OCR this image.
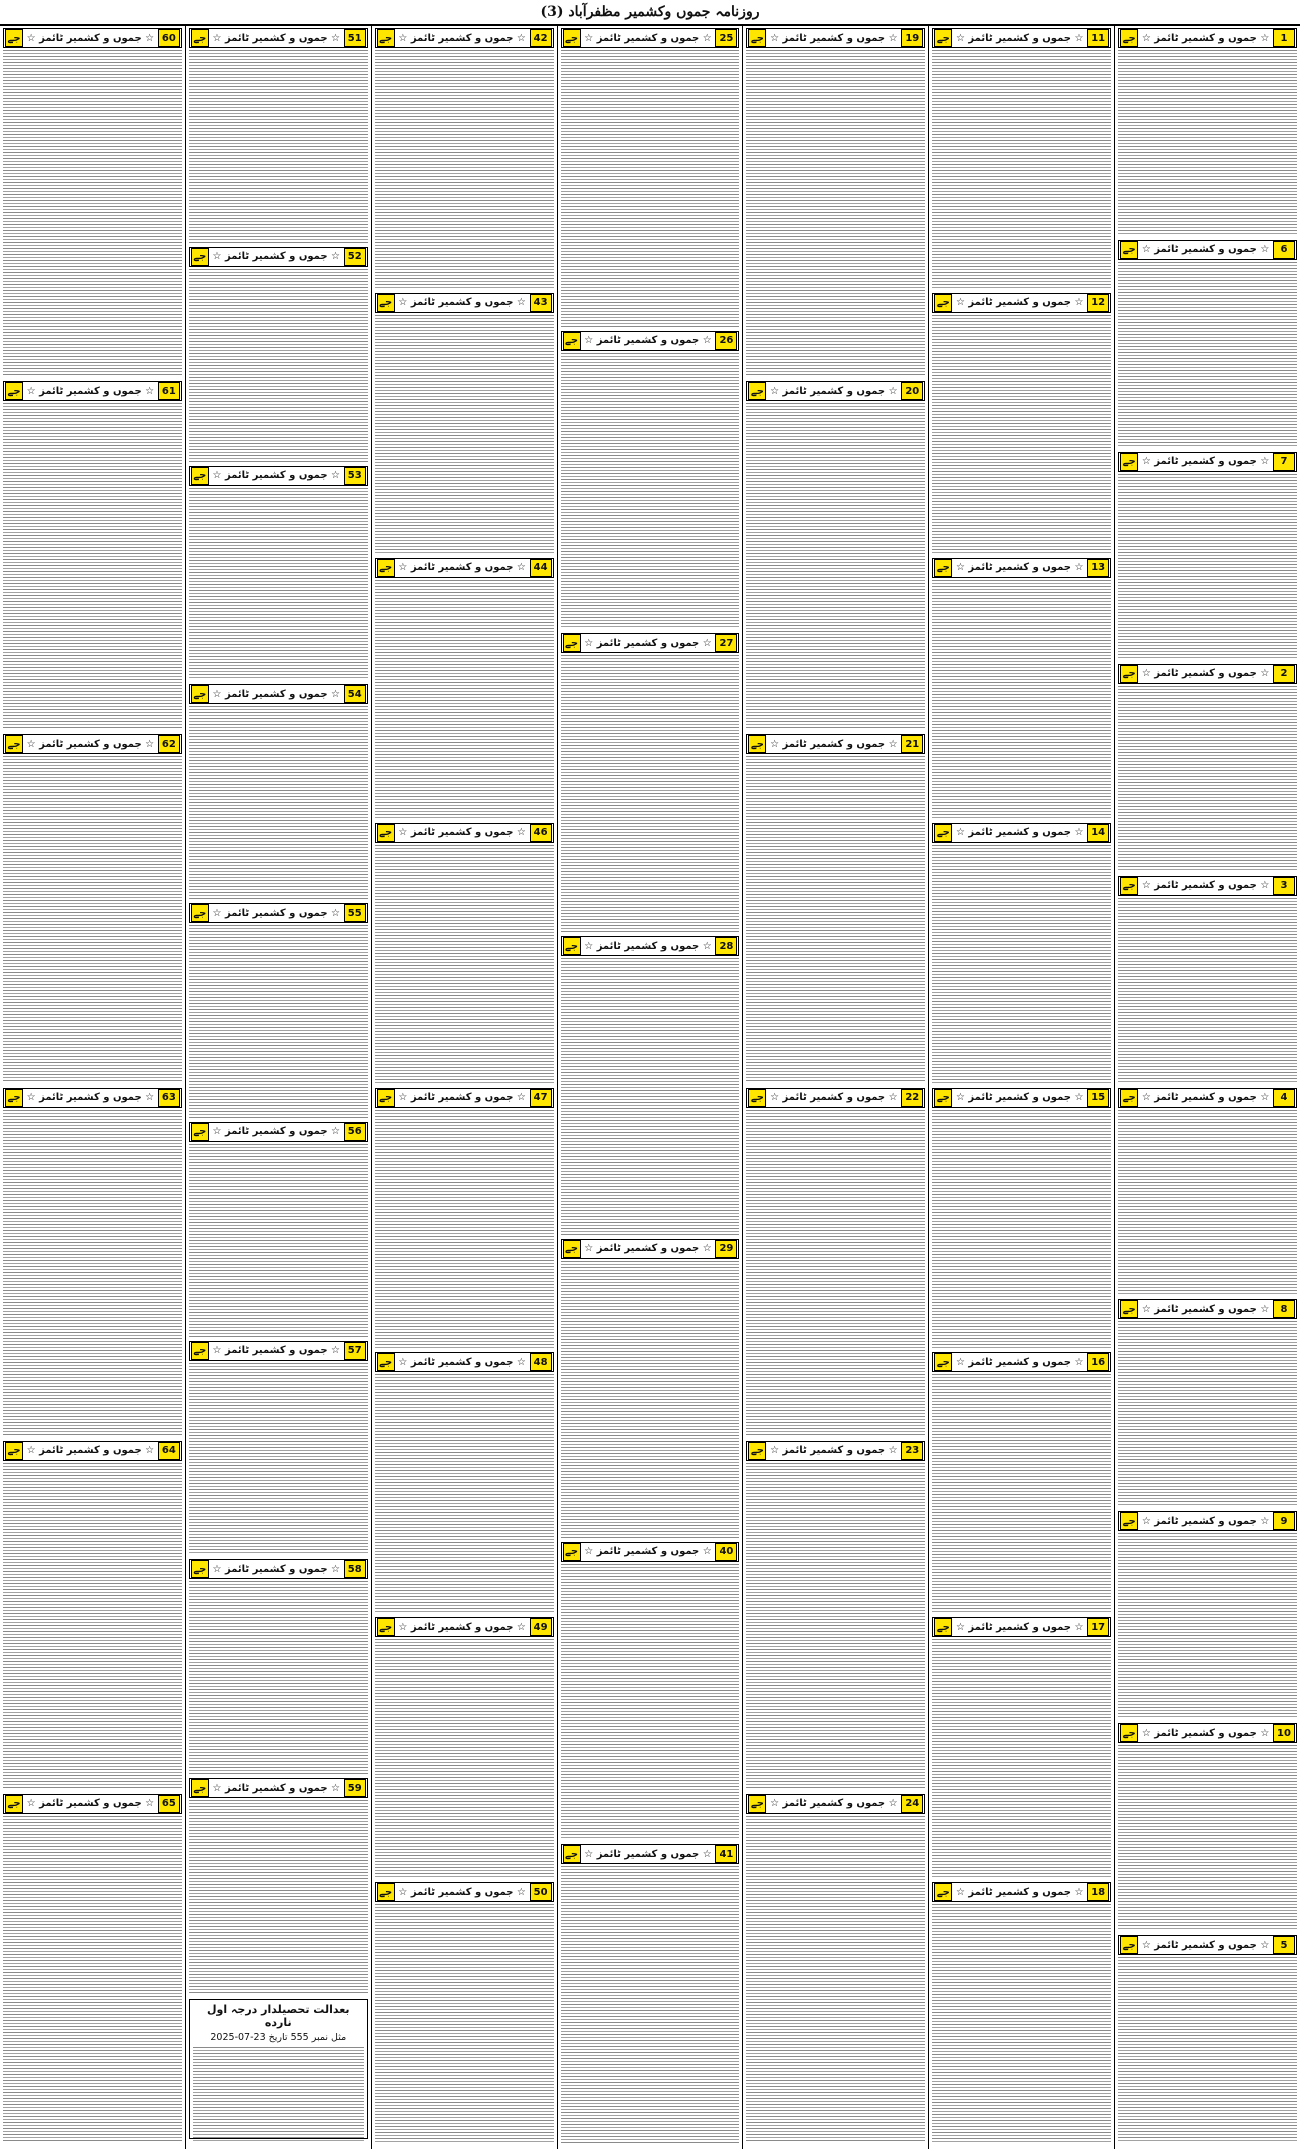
روزنامہ جموں وکشمیر مظفرآباد (3)
1
☆ جموں و کشمیر ٹائمز ☆
جے
6
☆ جموں و کشمیر ٹائمز ☆
جے
7
☆ جموں و کشمیر ٹائمز ☆
جے
2
☆ جموں و کشمیر ٹائمز ☆
جے
3
☆ جموں و کشمیر ٹائمز ☆
جے
4
☆ جموں و کشمیر ٹائمز ☆
جے
8
☆ جموں و کشمیر ٹائمز ☆
جے
9
☆ جموں و کشمیر ٹائمز ☆
جے
10
☆ جموں و کشمیر ٹائمز ☆
جے
5
☆ جموں و کشمیر ٹائمز ☆
جے
11
☆ جموں و کشمیر ٹائمز ☆
جے
12
☆ جموں و کشمیر ٹائمز ☆
جے
13
☆ جموں و کشمیر ٹائمز ☆
جے
14
☆ جموں و کشمیر ٹائمز ☆
جے
15
☆ جموں و کشمیر ٹائمز ☆
جے
16
☆ جموں و کشمیر ٹائمز ☆
جے
17
☆ جموں و کشمیر ٹائمز ☆
جے
18
☆ جموں و کشمیر ٹائمز ☆
جے
19
☆ جموں و کشمیر ٹائمز ☆
جے
20
☆ جموں و کشمیر ٹائمز ☆
جے
21
☆ جموں و کشمیر ٹائمز ☆
جے
22
☆ جموں و کشمیر ٹائمز ☆
جے
23
☆ جموں و کشمیر ٹائمز ☆
جے
24
☆ جموں و کشمیر ٹائمز ☆
جے
25
☆ جموں و کشمیر ٹائمز ☆
جے
26
☆ جموں و کشمیر ٹائمز ☆
جے
27
☆ جموں و کشمیر ٹائمز ☆
جے
28
☆ جموں و کشمیر ٹائمز ☆
جے
29
☆ جموں و کشمیر ٹائمز ☆
جے
40
☆ جموں و کشمیر ٹائمز ☆
جے
41
☆ جموں و کشمیر ٹائمز ☆
جے
42
☆ جموں و کشمیر ٹائمز ☆
جے
43
☆ جموں و کشمیر ٹائمز ☆
جے
44
☆ جموں و کشمیر ٹائمز ☆
جے
46
☆ جموں و کشمیر ٹائمز ☆
جے
47
☆ جموں و کشمیر ٹائمز ☆
جے
48
☆ جموں و کشمیر ٹائمز ☆
جے
49
☆ جموں و کشمیر ٹائمز ☆
جے
50
☆ جموں و کشمیر ٹائمز ☆
جے
51
☆ جموں و کشمیر ٹائمز ☆
جے
52
☆ جموں و کشمیر ٹائمز ☆
جے
53
☆ جموں و کشمیر ٹائمز ☆
جے
54
☆ جموں و کشمیر ٹائمز ☆
جے
55
☆ جموں و کشمیر ٹائمز ☆
جے
56
☆ جموں و کشمیر ٹائمز ☆
جے
57
☆ جموں و کشمیر ٹائمز ☆
جے
58
☆ جموں و کشمیر ٹائمز ☆
جے
59
☆ جموں و کشمیر ٹائمز ☆
جے
بعدالت تحصیلدار درجہ اول نارده
مثل نمبر 555 تاریخ 23-07-2025
60
☆ جموں و کشمیر ٹائمز ☆
جے
61
☆ جموں و کشمیر ٹائمز ☆
جے
62
☆ جموں و کشمیر ٹائمز ☆
جے
63
☆ جموں و کشمیر ٹائمز ☆
جے
64
☆ جموں و کشمیر ٹائمز ☆
جے
65
☆ جموں و کشمیر ٹائمز ☆
جے
